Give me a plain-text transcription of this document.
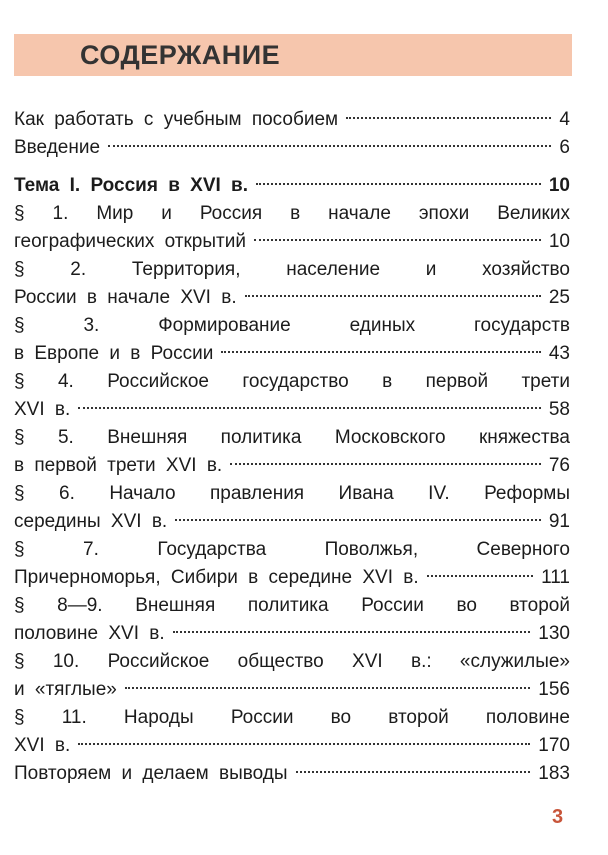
СОДЕРЖАНИЕ
Как работать с учебным пособием	4
Введение	6
Тема I. Россия в XVI в.	10
§ 1. Мир и Россия в начале эпохи Великих
географических открытий	10
§ 2. Территория, население и хозяйство
России в начале XVI в.	25
§ 3. Формирование единых государств
в Европе и в России	43
§ 4. Российское государство в первой трети
XVI в.	58
§ 5. Внешняя политика Московского княжества
в первой трети XVI в.	76
§ 6. Начало правления Ивана IV. Реформы
середины XVI в.	91
§ 7. Государства Поволжья, Северного
Причерноморья, Сибири в середине XVI в.	111
§ 8—9. Внешняя политика России во второй
половине XVI в.	130
§ 10. Российское общество XVI в.: «служилые»
и «тяглые»	156
§ 11. Народы России во второй половине
XVI в.	170
Повторяем и делаем выводы	183
3
